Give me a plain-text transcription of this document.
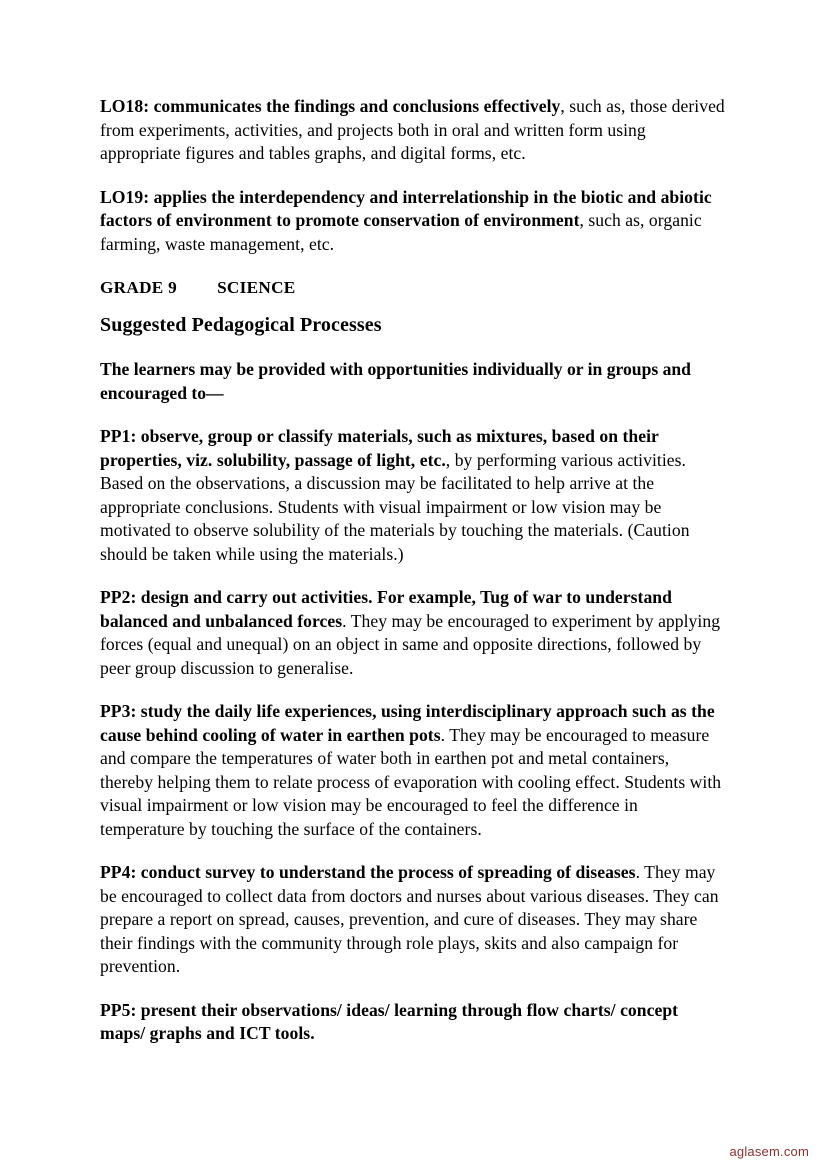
LO18: communicates the findings and conclusions effectively, such as, those derived from experiments, activities, and projects both in oral and written form using appropriate figures and tables graphs, and digital forms, etc.

LO19: applies the interdependency and interrelationship in the biotic and abiotic factors of environment to promote conservation of environment, such as, organic farming, waste management, etc.

GRADE 9 SCIENCE

Suggested Pedagogical Processes

The learners may be provided with opportunities individually or in groups and encouraged to—

PP1: observe, group or classify materials, such as mixtures, based on their properties, viz. solubility, passage of light, etc., by performing various activities. Based on the observations, a discussion may be facilitated to help arrive at the appropriate conclusions. Students with visual impairment or low vision may be motivated to observe solubility of the materials by touching the materials. (Caution should be taken while using the materials.)

PP2: design and carry out activities. For example, Tug of war to understand balanced and unbalanced forces. They may be encouraged to experiment by applying forces (equal and unequal) on an object in same and opposite directions, followed by peer group discussion to generalise.

PP3: study the daily life experiences, using interdisciplinary approach such as the cause behind cooling of water in earthen pots. They may be encouraged to measure and compare the temperatures of water both in earthen pot and metal containers, thereby helping them to relate process of evaporation with cooling effect. Students with visual impairment or low vision may be encouraged to feel the difference in temperature by touching the surface of the containers.

PP4: conduct survey to understand the process of spreading of diseases. They may be encouraged to collect data from doctors and nurses about various diseases. They can prepare a report on spread, causes, prevention, and cure of diseases. They may share their findings with the community through role plays, skits and also campaign for prevention.

PP5: present their observations/ ideas/ learning through flow charts/ concept maps/ graphs and ICT tools.

aglasem.com
